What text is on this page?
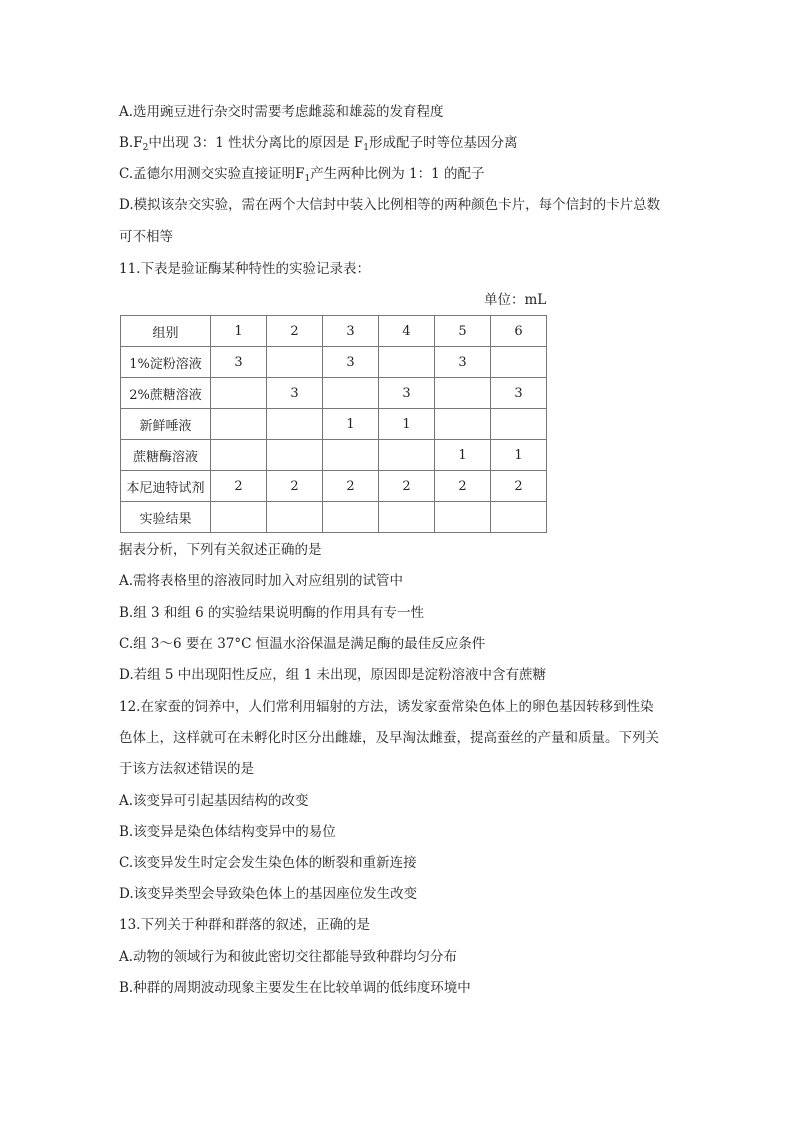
A.选用豌豆进行杂交时需要考虑雌蕊和雄蕊的发育程度
$B.F_2$中出现 3：1 性状分离比的原因是 $F_1$形成配子时等位基因分离
C.孟德尔用测交实验直接证明$F_1$产生两种比例为 1：1 的配子
D.模拟该杂交实验，需在两个大信封中装入比例相等的两种颜色卡片，每个信封的卡片总数
可不相等
11.下表是验证酶某种特性的实验记录表：
单位：mL
组别	1	2	3	4	5	6
1%淀粉溶液	3		3		3	
2%蔗糖溶液		3		3		3
新鲜唾液			1	1		
蔗糖酶溶液					1	1
本尼迪特试剂	2	2	2	2	2	2
实验结果						
据表分析，下列有关叙述正确的是
A.需将表格里的溶液同时加入对应组别的试管中
B.组 3 和组 6 的实验结果说明酶的作用具有专一性
C.组 3～6 要在 37°C 恒温水浴保温是满足酶的最佳反应条件
D.若组 5 中出现阳性反应，组 1 未出现，原因即是淀粉溶液中含有蔗糖
12.在家蚕的饲养中，人们常利用辐射的方法，诱发家蚕常染色体上的卵色基因转移到性染
色体上，这样就可在未孵化时区分出雌雄，及早淘汰雌蚕，提高蚕丝的产量和质量。下列关
于该方法叙述错误的是
A.该变异可引起基因结构的改变
B.该变异是染色体结构变异中的易位
C.该变异发生时定会发生染色体的断裂和重新连接
D.该变异类型会导致染色体上的基因座位发生改变
13.下列关于种群和群落的叙述，正确的是
A.动物的领域行为和彼此密切交往都能导致种群均匀分布
B.种群的周期波动现象主要发生在比较单调的低纬度环境中
